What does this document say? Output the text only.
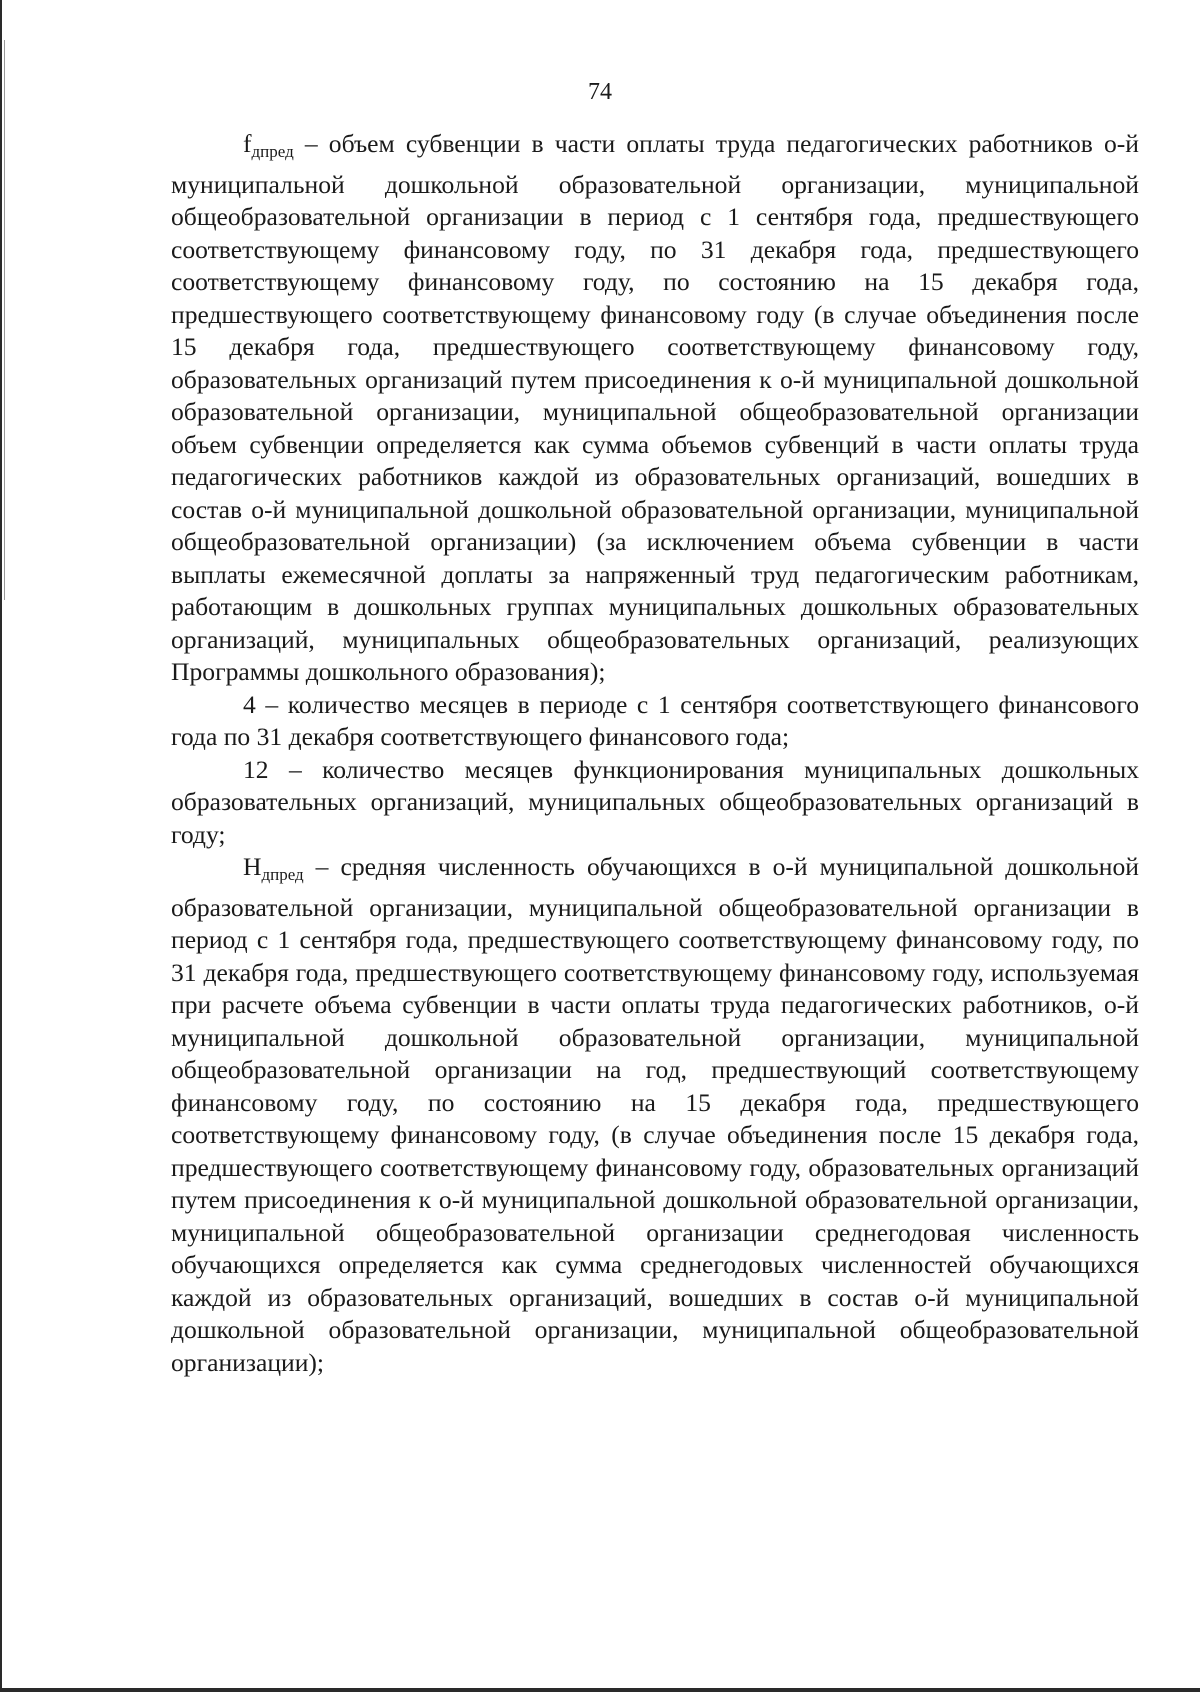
74

fдпред – объем субвенции в части оплаты труда педагогических работников о-й муниципальной дошкольной образовательной организации, муниципальной общеобразовательной организации в период с 1 сентября года, предшествующего соответствующему финансовому году, по 31 декабря года, предшествующего соответствующему финансовому году, по состоянию на 15 декабря года, предшествующего соответствующему финансовому году (в случае объединения после 15 декабря года, предшествующего соответствующему финансовому году, образовательных организаций путем присоединения к о-й муниципальной дошкольной образовательной организации, муниципальной общеобразовательной организации объем субвенции определяется как сумма объемов субвенций в части оплаты труда педагогических работников каждой из образовательных организаций, вошедших в состав о-й муниципальной дошкольной образовательной организации, муниципальной общеобразовательной организации) (за исключением объема субвенции в части выплаты ежемесячной доплаты за напряженный труд педагогическим работникам, работающим в дошкольных группах муниципальных дошкольных образовательных организаций, муниципальных общеобразовательных организаций, реализующих Программы дошкольного образования);

4 – количество месяцев в периоде с 1 сентября соответствующего финансового года по 31 декабря соответствующего финансового года;

12 – количество месяцев функционирования муниципальных дошкольных образовательных организаций, муниципальных общеобразовательных организаций в году;

Ндпред – средняя численность обучающихся в о-й муниципальной дошкольной образовательной организации, муниципальной общеобразовательной организации в период с 1 сентября года, предшествующего соответствующему финансовому году, по 31 декабря года, предшествующего соответствующему финансовому году, используемая при расчете объема субвенции в части оплаты труда педагогических работников, о-й муниципальной дошкольной образовательной организации, муниципальной общеобразовательной организации на год, предшествующий соответствующему финансовому году, по состоянию на 15 декабря года, предшествующего соответствующему финансовому году, (в случае объединения после 15 декабря года, предшествующего соответствующему финансовому году, образовательных организаций путем присоединения к о-й муниципальной дошкольной образовательной организации, муниципальной общеобразовательной организации среднегодовая численность обучающихся определяется как сумма среднегодовых численностей обучающихся каждой из образовательных организаций, вошедших в состав о-й муниципальной дошкольной образовательной организации, муниципальной общеобразовательной организации);
